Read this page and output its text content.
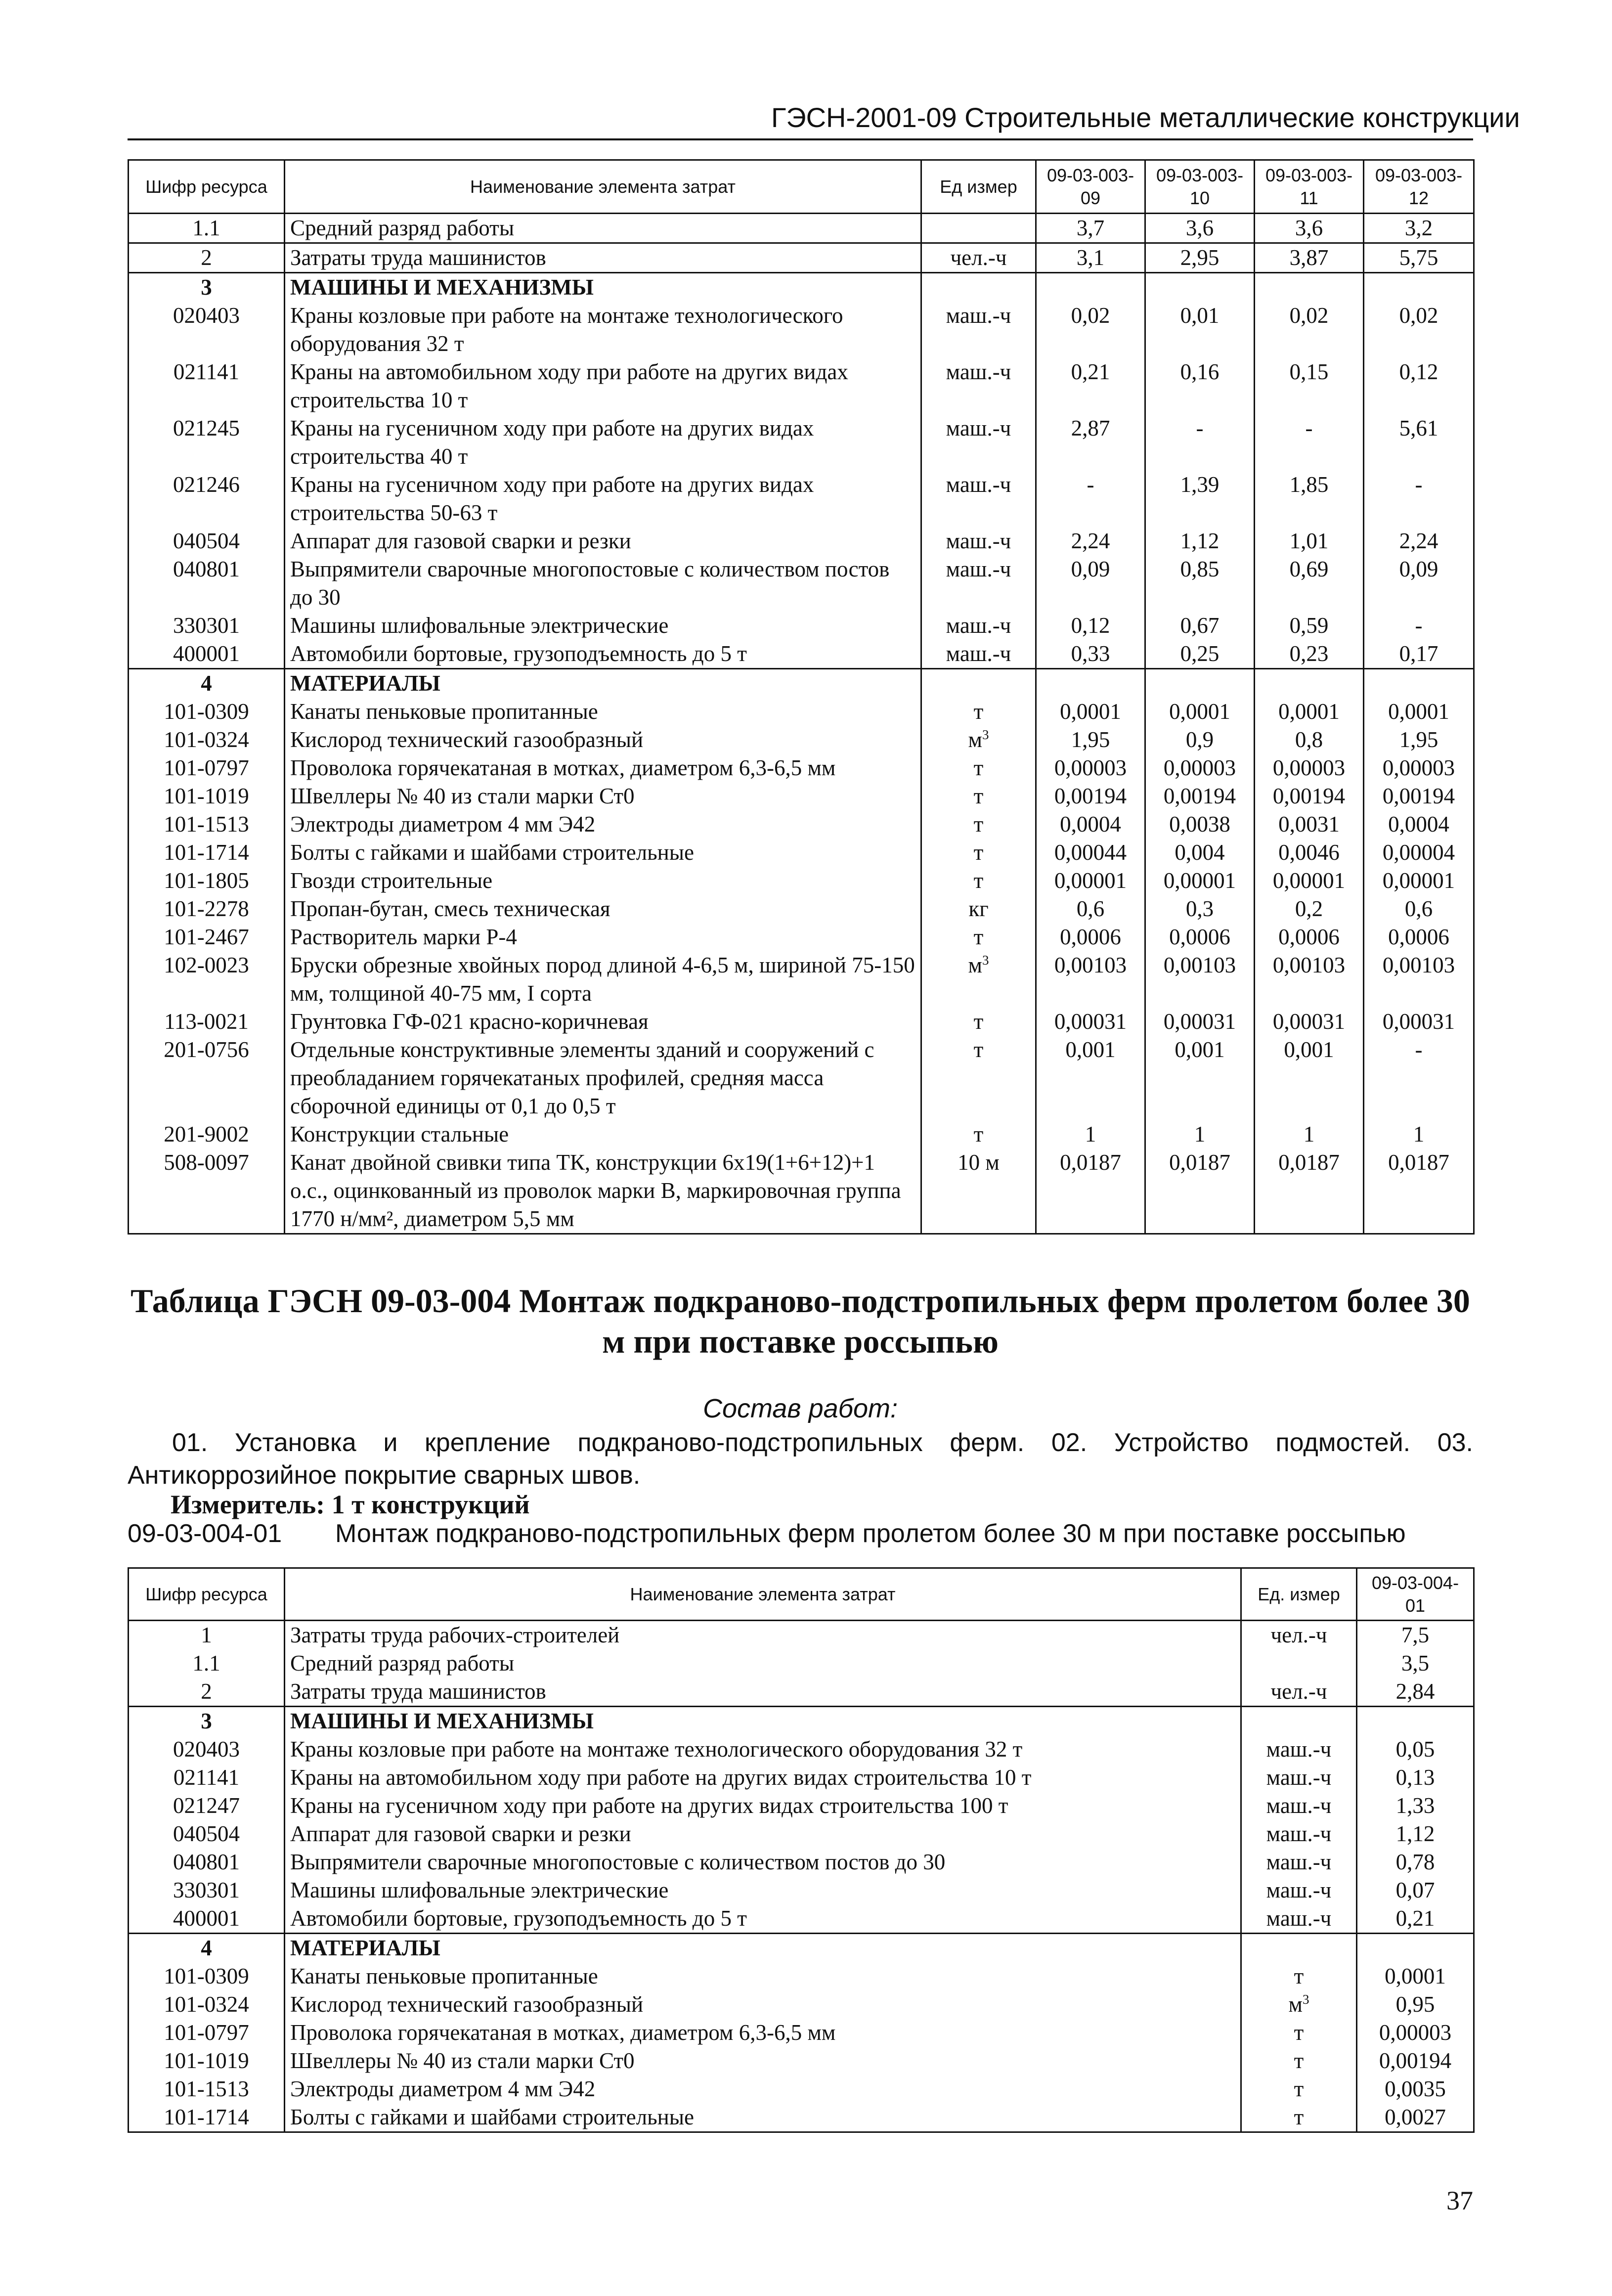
ГЭСН-2001-09 Строительные металлические конструкции
Шифр ресурса	Наименование элемента затрат	Ед измер	09-03-003-09	09-03-003-10	09-03-003-11	09-03-003-12
1.1	Средний разряд работы		3,7	3,6	3,6	3,2
2	Затраты труда машинистов	чел.-ч	3,1	2,95	3,87	5,75
3	МАШИНЫ И МЕХАНИЗМЫ					
020403	Краны козловые при работе на монтаже технологического оборудования 32 т	маш.-ч	0,02	0,01	0,02	0,02
021141	Краны на автомобильном ходу при работе на других видах строительства 10 т	маш.-ч	0,21	0,16	0,15	0,12
021245	Краны на гусеничном ходу при работе на других видах строительства 40 т	маш.-ч	2,87	-	-	5,61
021246	Краны на гусеничном ходу при работе на других видах строительства 50-63 т	маш.-ч	-	1,39	1,85	-
040504	Аппарат для газовой сварки и резки	маш.-ч	2,24	1,12	1,01	2,24
040801	Выпрямители сварочные многопостовые с количеством постов до 30	маш.-ч	0,09	0,85	0,69	0,09
330301	Машины шлифовальные электрические	маш.-ч	0,12	0,67	0,59	-
400001	Автомобили бортовые, грузоподъемность до 5 т	маш.-ч	0,33	0,25	0,23	0,17
4	МАТЕРИАЛЫ					
101-0309	Канаты пеньковые пропитанные	т	0,0001	0,0001	0,0001	0,0001
101-0324	Кислород технический газообразный	$м^3$	1,95	0,9	0,8	1,95
101-0797	Проволока горячекатаная в мотках, диаметром 6,3-6,5 мм	т	0,00003	0,00003	0,00003	0,00003
101-1019	Швеллеры № 40 из стали марки Ст0	т	0,00194	0,00194	0,00194	0,00194
101-1513	Электроды диаметром 4 мм Э42	т	0,0004	0,0038	0,0031	0,0004
101-1714	Болты с гайками и шайбами строительные	т	0,00044	0,004	0,0046	0,00004
101-1805	Гвозди строительные	т	0,00001	0,00001	0,00001	0,00001
101-2278	Пропан-бутан, смесь техническая	кг	0,6	0,3	0,2	0,6
101-2467	Растворитель марки Р-4	т	0,0006	0,0006	0,0006	0,0006
102-0023	Бруски обрезные хвойных пород длиной 4-6,5 м, шириной 75-150 мм, толщиной 40-75 мм, I сорта	$м^3$	0,00103	0,00103	0,00103	0,00103
113-0021	Грунтовка ГФ-021 красно-коричневая	т	0,00031	0,00031	0,00031	0,00031
201-0756	Отдельные конструктивные элементы зданий и сооружений с преобладанием горячекатаных профилей, средняя масса сборочной единицы от 0,1 до 0,5 т	т	0,001	0,001	0,001	-
201-9002	Конструкции стальные	т	1	1	1	1
508-0097	Канат двойной свивки типа ТК, конструкции 6х19(1+6+12)+1 о.с., оцинкованный из проволок марки В, маркировочная группа 1770 н/мм², диаметром 5,5 мм	10 м	0,0187	0,0187	0,0187	0,0187
Таблица ГЭСН 09-03-004 Монтаж подкраново-подстропильных ферм пролетом более 30 м при поставке россыпью
Состав работ:
01. Установка и крепление подкраново-подстропильных ферм. 02. Устройство подмостей. 03. Антикоррозийное покрытие сварных швов.
Измеритель: 1 т конструкций
09-03-004-01 Монтаж подкраново-подстропильных ферм пролетом более 30 м при поставке россыпью
Шифр ресурса	Наименование элемента затрат	Ед. измер	09-03-004-01
1	Затраты труда рабочих-строителей	чел.-ч	7,5
1.1	Средний разряд работы		3,5
2	Затраты труда машинистов	чел.-ч	2,84
3	МАШИНЫ И МЕХАНИЗМЫ		
020403	Краны козловые при работе на монтаже технологического оборудования 32 т	маш.-ч	0,05
021141	Краны на автомобильном ходу при работе на других видах строительства 10 т	маш.-ч	0,13
021247	Краны на гусеничном ходу при работе на других видах строительства 100 т	маш.-ч	1,33
040504	Аппарат для газовой сварки и резки	маш.-ч	1,12
040801	Выпрямители сварочные многопостовые с количеством постов до 30	маш.-ч	0,78
330301	Машины шлифовальные электрические	маш.-ч	0,07
400001	Автомобили бортовые, грузоподъемность до 5 т	маш.-ч	0,21
4	МАТЕРИАЛЫ		
101-0309	Канаты пеньковые пропитанные	т	0,0001
101-0324	Кислород технический газообразный	$м^3$	0,95
101-0797	Проволока горячекатаная в мотках, диаметром 6,3-6,5 мм	т	0,00003
101-1019	Швеллеры № 40 из стали марки Ст0	т	0,00194
101-1513	Электроды диаметром 4 мм Э42	т	0,0035
101-1714	Болты с гайками и шайбами строительные	т	0,0027
37
